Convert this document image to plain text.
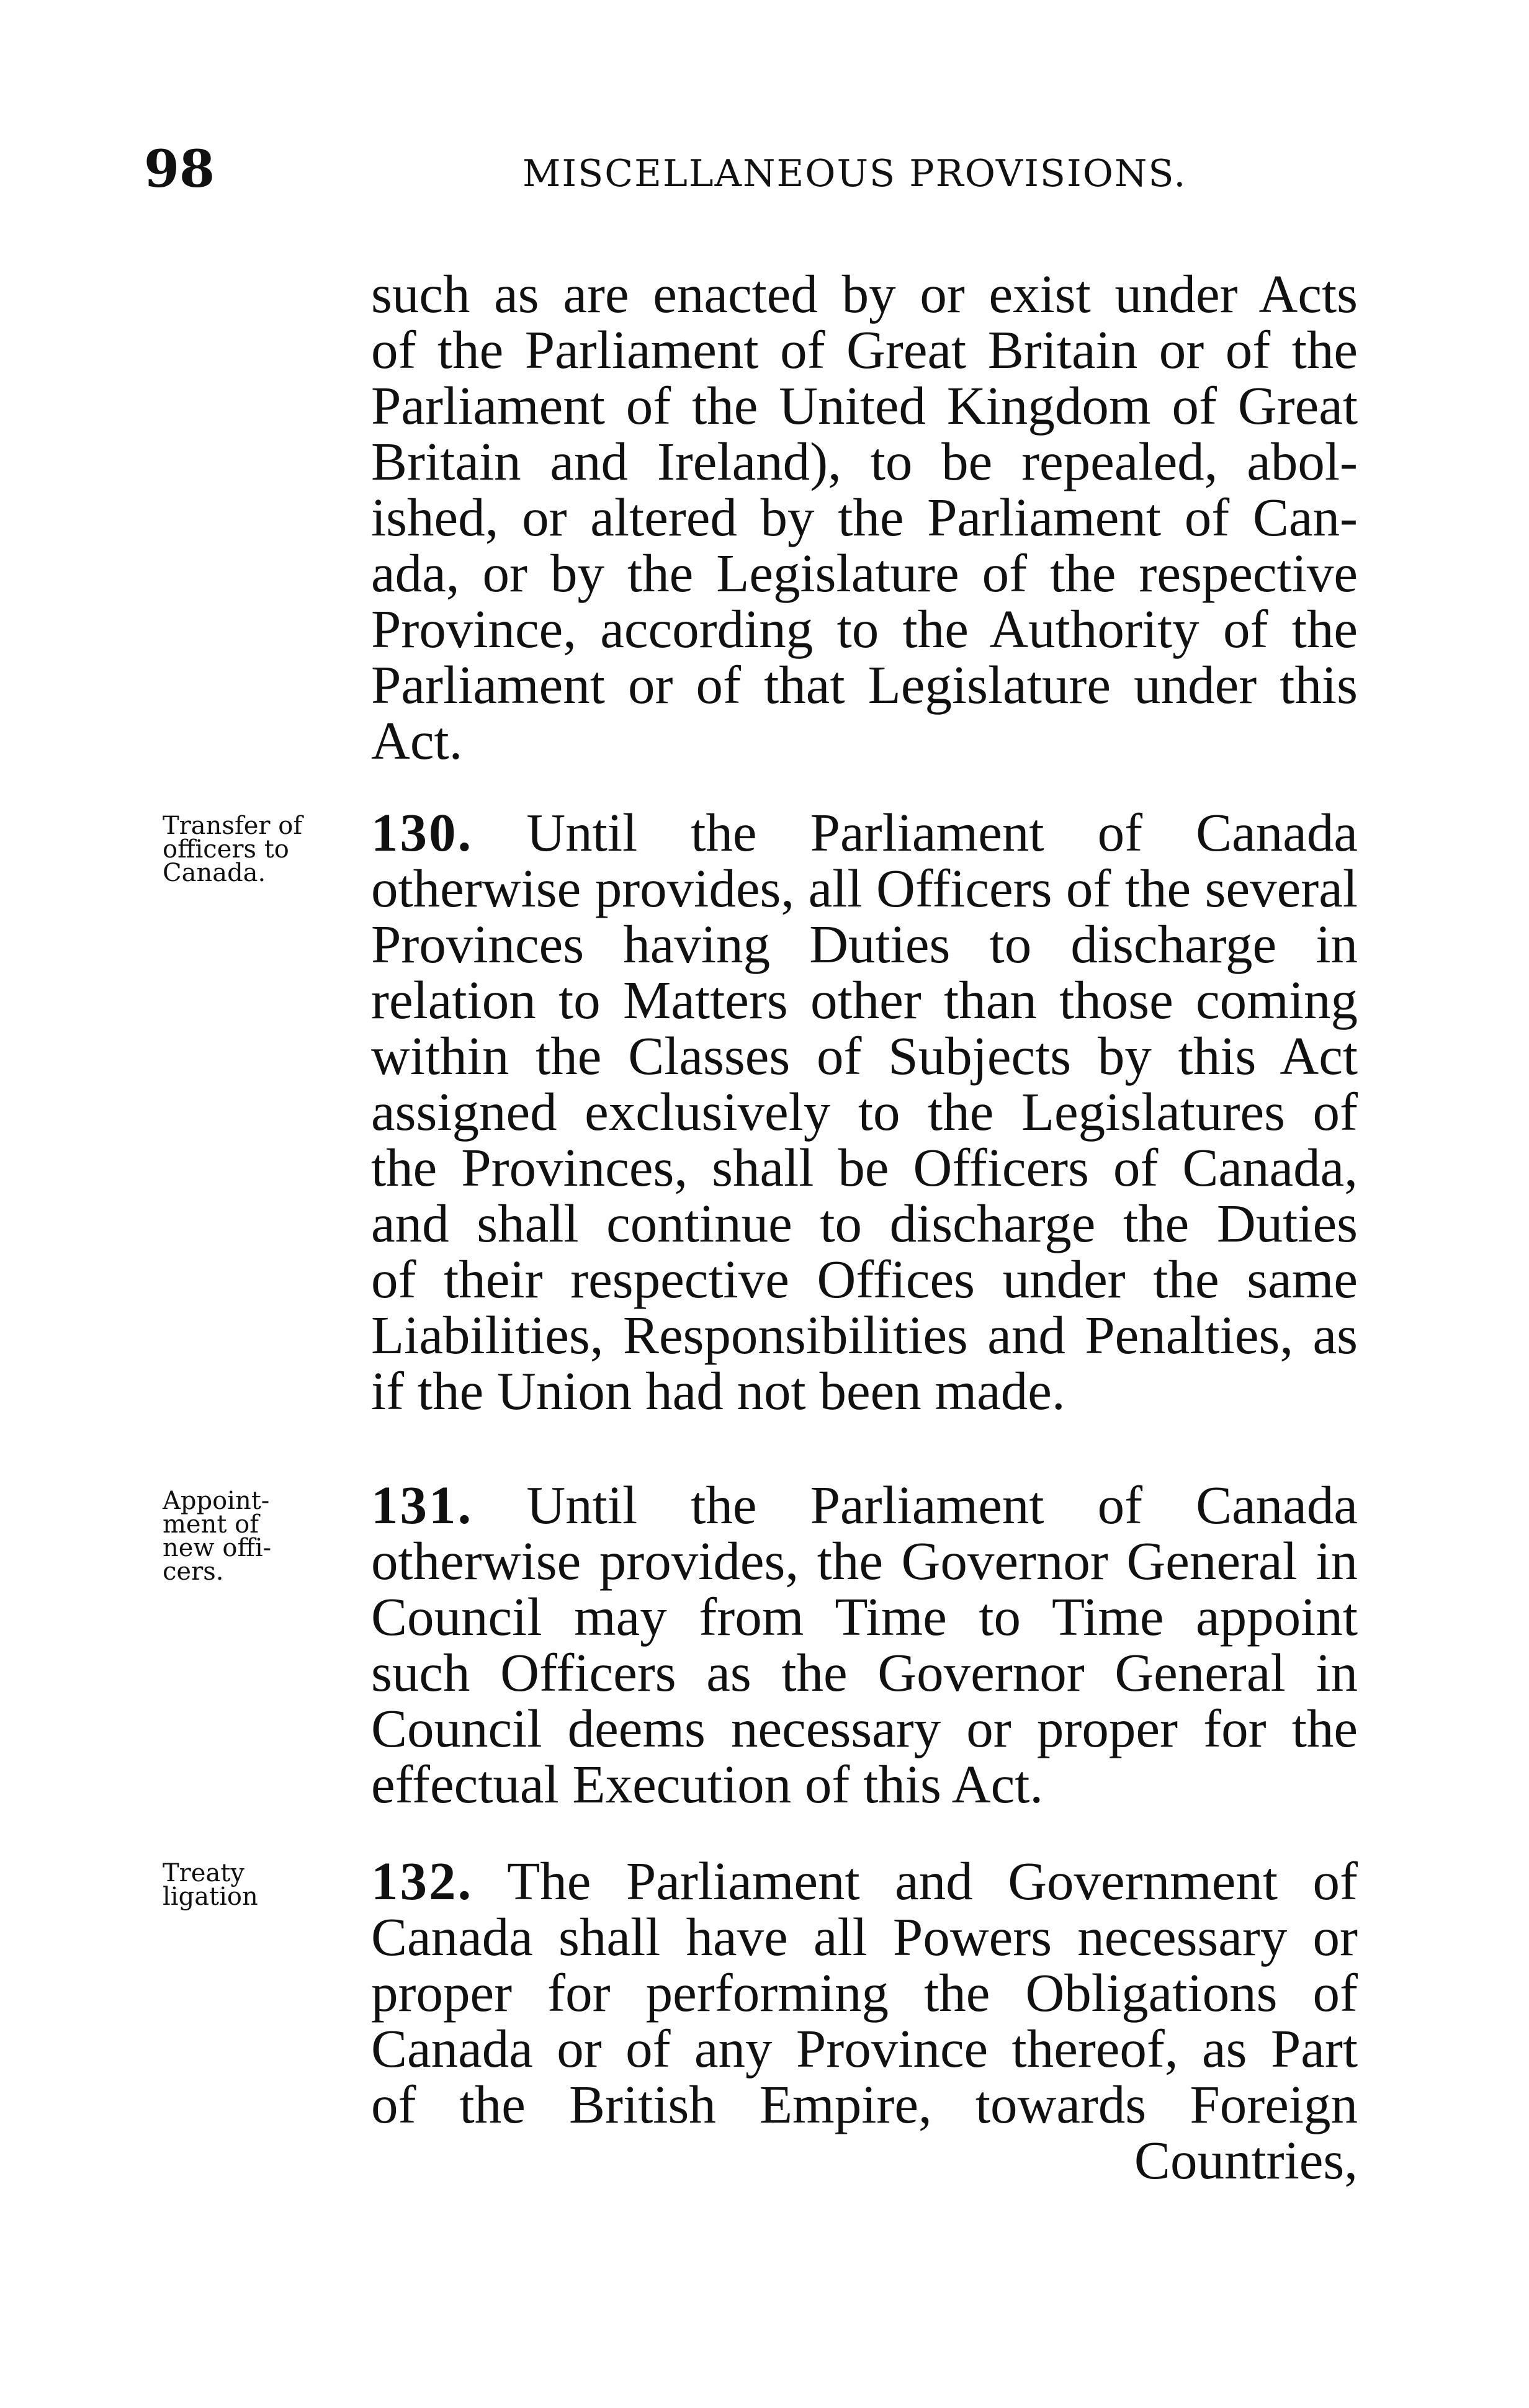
98	MISCELLANEOUS PROVISIONS.
such as are enacted by or exist under Acts
of the Parliament of Great Britain or of the
Parliament of the United Kingdom of Great
Britain and Ireland), to be repealed, abol-
ished, or altered by the Parliament of Can-
ada, or by the Legislature of the respective
Province, according to the Authority of the
Parliament or of that Legislature under this
Act.
Transfer of
officers to
Canada.
130. Until the Parliament of Canada
otherwise provides, all Officers of the several
Provinces having Duties to discharge in
relation to Matters other than those coming
within the Classes of Subjects by this Act
assigned exclusively to the Legislatures of
the Provinces, shall be Officers of Canada,
and shall continue to discharge the Duties
of their respective Offices under the same
Liabilities, Responsibilities and Penalties, as
if the Union had not been made.
Appoint-
ment of
new offi-
cers.
131. Until the Parliament of Canada
otherwise provides, the Governor General in
Council may from Time to Time appoint
such Officers as the Governor General in
Council deems necessary or proper for the
effectual Execution of this Act.
Treaty
ligation	132. The Parliament and Government of
Canada shall have all Powers necessary or
proper for performing the Obligations of
Canada or of any Province thereof, as Part
of the British Empire, towards Foreign
Countries,
